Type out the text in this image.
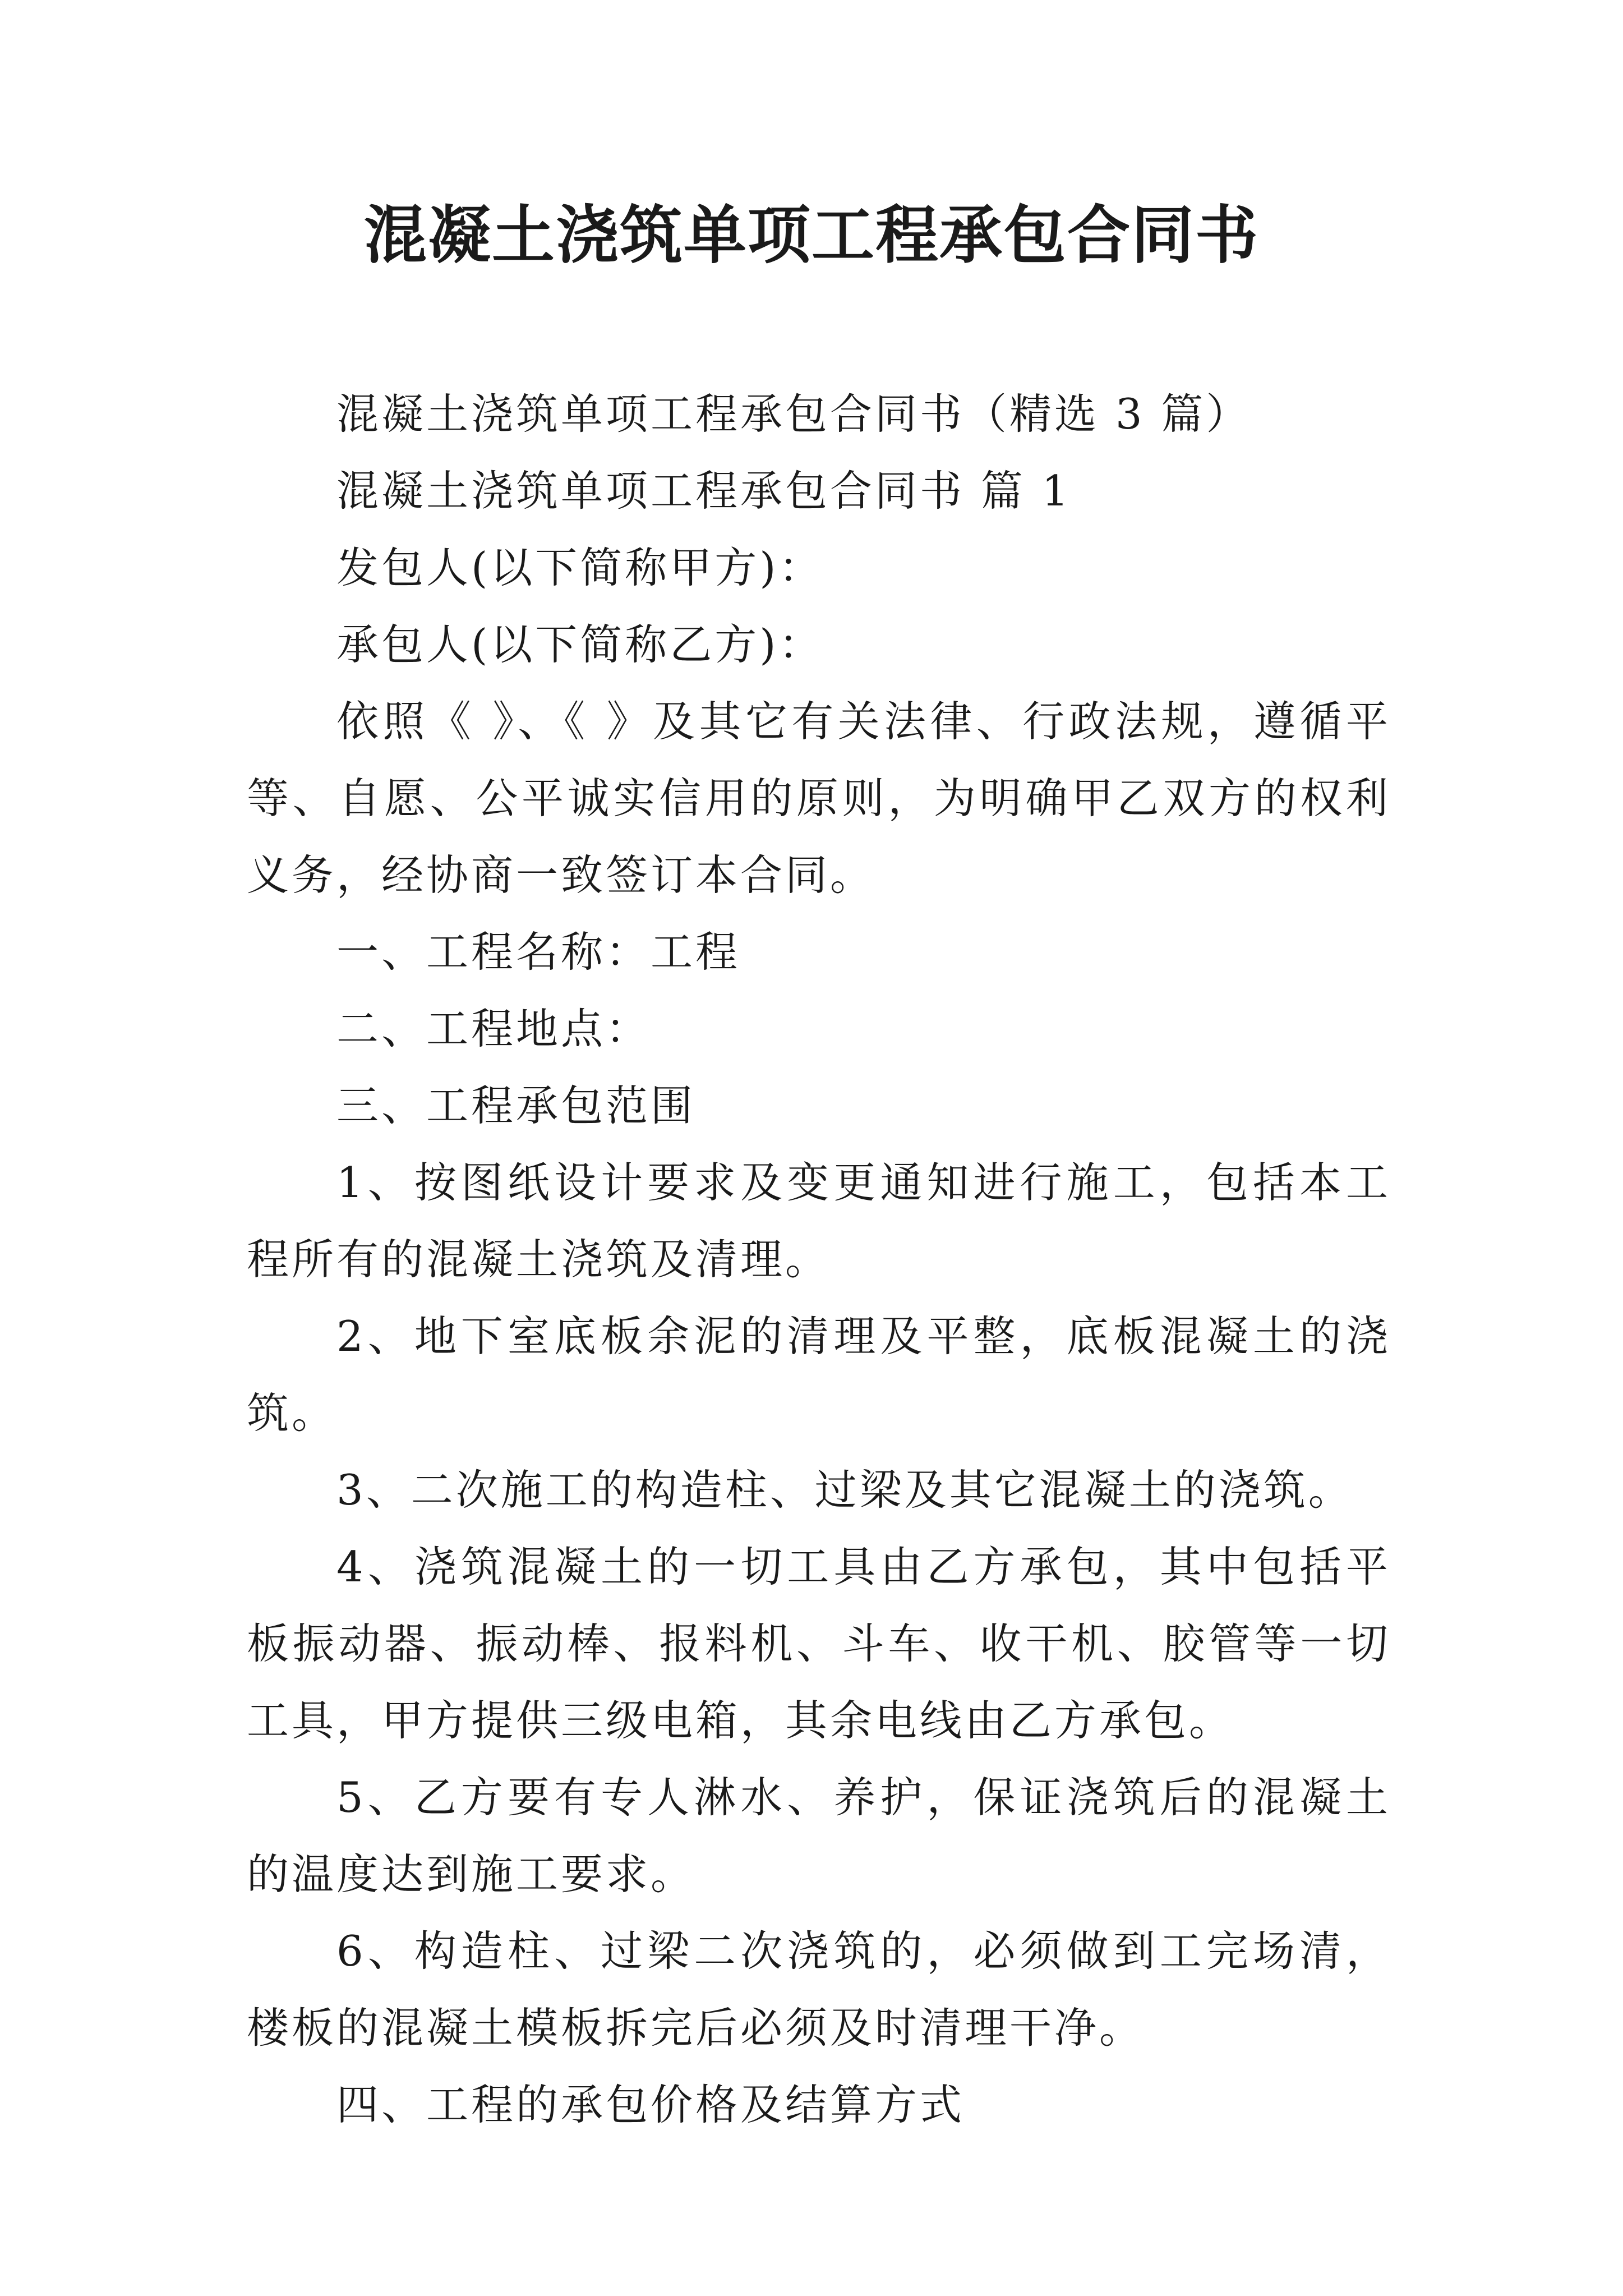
混凝土浇筑单项工程承包合同书

混凝土浇筑单项工程承包合同书（精选 3 篇）

混凝土浇筑单项工程承包合同书 篇 1

发包人(以下简称甲方)：

承包人(以下简称乙方)：

依照《 》、《 》及其它有关法律、行政法规，遵循平等、自愿、公平诚实信用的原则，为明确甲乙双方的权利义务，经协商一致签订本合同。

一、工程名称：工程

二、工程地点：

三、工程承包范围

1、按图纸设计要求及变更通知进行施工，包括本工程所有的混凝土浇筑及清理。

2、地下室底板余泥的清理及平整，底板混凝土的浇筑。

3、二次施工的构造柱、过梁及其它混凝土的浇筑。

4、浇筑混凝土的一切工具由乙方承包，其中包括平板振动器、振动棒、报料机、斗车、收干机、胶管等一切工具，甲方提供三级电箱，其余电线由乙方承包。

5、乙方要有专人淋水、养护，保证浇筑后的混凝土的温度达到施工要求。

6、构造柱、过梁二次浇筑的，必须做到工完场清，楼板的混凝土模板拆完后必须及时清理干净。

四、工程的承包价格及结算方式
